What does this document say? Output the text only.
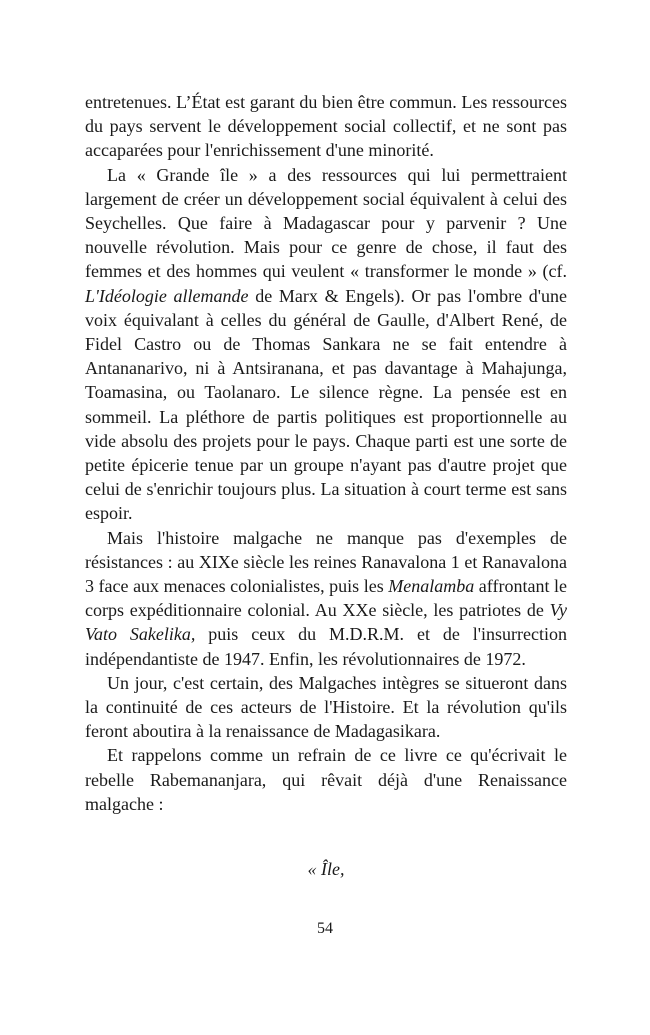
entretenues. L’État est garant du bien être commun. Les ressources du pays servent le développement social collectif, et ne sont pas accaparées pour l'enrichissement d'une minorité.

La « Grande île » a des ressources qui lui permettraient largement de créer un développement social équivalent à celui des Seychelles. Que faire à Madagascar pour y parvenir ? Une nouvelle révolution. Mais pour ce genre de chose, il faut des femmes et des hommes qui veulent « transformer le monde » (cf. L'Idéologie allemande de Marx & Engels). Or pas l'ombre d'une voix équivalant à celles du général de Gaulle, d'Albert René, de Fidel Castro ou de Thomas Sankara ne se fait entendre à Antananarivo, ni à Antsiranana, et pas davantage à Mahajunga, Toamasina, ou Taolanaro. Le silence règne. La pensée est en sommeil. La pléthore de partis politiques est proportionnelle au vide absolu des projets pour le pays. Chaque parti est une sorte de petite épicerie tenue par un groupe n'ayant pas d'autre projet que celui de s'enrichir toujours plus. La situation à court terme est sans espoir.

Mais l'histoire malgache ne manque pas d'exemples de résistances : au XIXe siècle les reines Ranavalona 1 et Ranavalona 3 face aux menaces colonialistes, puis les Menalamba affrontant le corps expéditionnaire colonial. Au XXe siècle, les patriotes de Vy Vato Sakelika, puis ceux du M.D.R.M. et de l'insurrection indépendantiste de 1947. Enfin, les révolutionnaires de 1972.

Un jour, c'est certain, des Malgaches intègres se situeront dans la continuité de ces acteurs de l'Histoire. Et la révolution qu'ils feront aboutira à la renaissance de Madagasikara.

Et rappelons comme un refrain de ce livre ce qu'écrivait le rebelle Rabemananjara, qui rêvait déjà d'une Renaissance malgache :

« Île,
54
